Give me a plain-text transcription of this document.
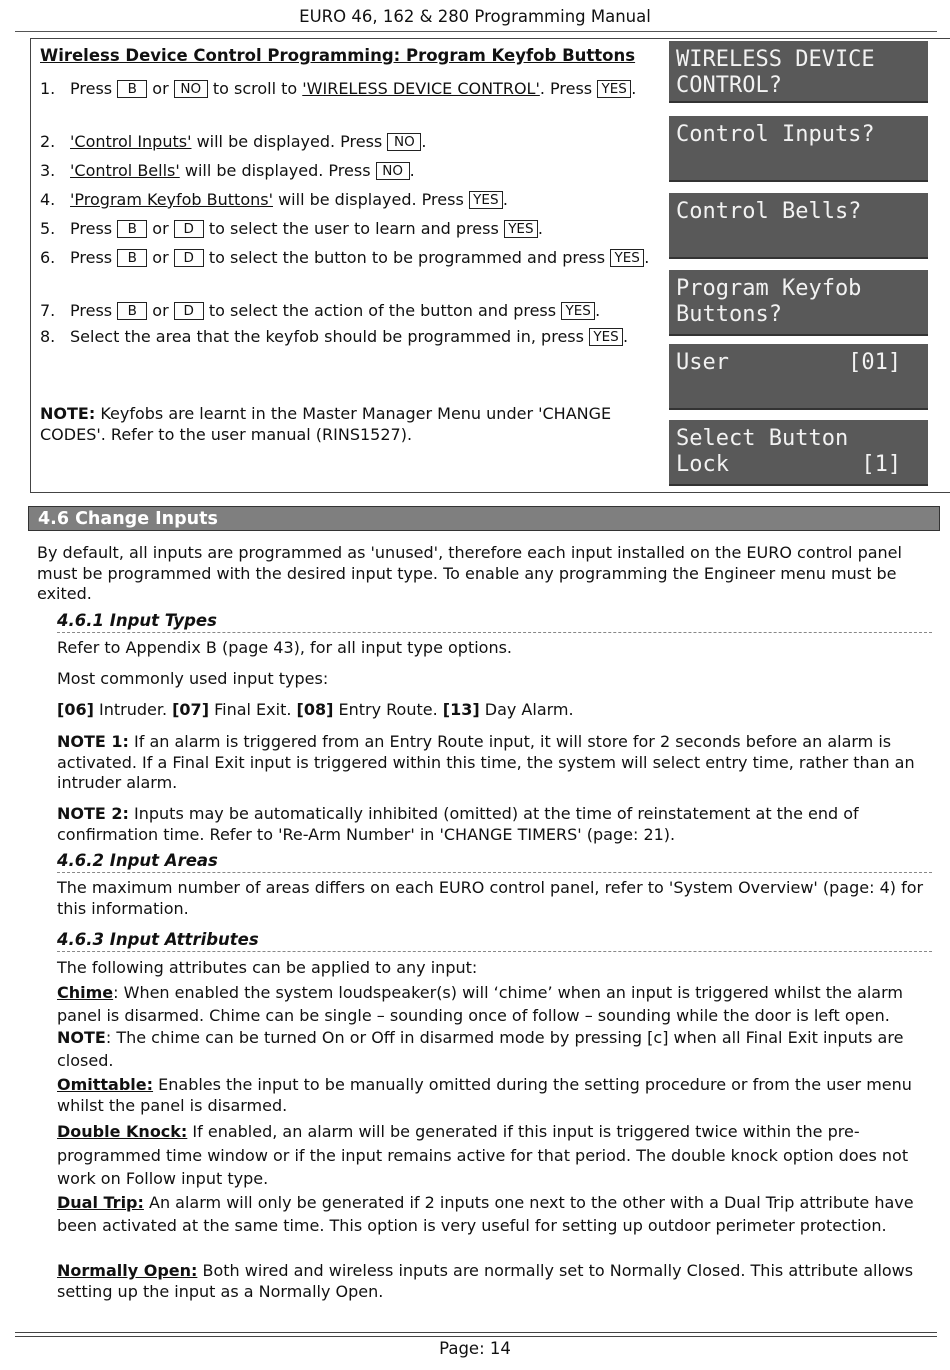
EURO 46, 162 & 280 Programming Manual
Wireless Device Control Programming: Program Keyfob Buttons
1. Press B or NO to scroll to 'WIRELESS DEVICE CONTROL'. Press YES .
2. 'Control Inputs' will be displayed. Press NO .
3. 'Control Bells' will be displayed. Press NO .
4. 'Program Keyfob Buttons' will be displayed. Press YES .
5. Press B or D to select the user to learn and press YES .
6. Press B or D to select the button to be programmed and press YES .
7. Press B or D to select the action of the button and press YES .
8. Select the area that the keyfob should be programmed in, press YES .
NOTE: Keyfobs are learnt in the Master Manager Menu under 'CHANGE CODES'. Refer to the user manual (RINS1527).
WIRELESS DEVICE
CONTROL?
Control Inputs?
Control Bells?
Program Keyfob
Buttons?
User         [01]
Select Button
Lock          [1]
4.6 Change Inputs
By default, all inputs are programmed as 'unused', therefore each input installed on the EURO control panel must be programmed with the desired input type. To enable any programming the Engineer menu must be exited.
4.6.1 Input Types
Refer to Appendix B (page 43), for all input type options.
Most commonly used input types:
[06] Intruder. [07] Final Exit. [08] Entry Route. [13] Day Alarm.
NOTE 1: If an alarm is triggered from an Entry Route input, it will store for 2 seconds before an alarm is activated. If a Final Exit input is triggered within this time, the system will select entry time, rather than an intruder alarm.
NOTE 2: Inputs may be automatically inhibited (omitted) at the time of reinstatement at the end of confirmation time. Refer to 'Re-Arm Number' in 'CHANGE TIMERS' (page: 21).
4.6.2 Input Areas
The maximum number of areas differs on each EURO control panel, refer to 'System Overview' (page: 4) for this information.
4.6.3 Input Attributes
The following attributes can be applied to any input:
Chime: When enabled the system loudspeaker(s) will ‘chime’ when an input is triggered whilst the alarm panel is disarmed. Chime can be single – sounding once of follow – sounding while the door is left open. NOTE: The chime can be turned On or Off in disarmed mode by pressing [c] when all Final Exit inputs are closed.
Omittable: Enables the input to be manually omitted during the setting procedure or from the user menu whilst the panel is disarmed.
Double Knock: If enabled, an alarm will be generated if this input is triggered twice within the pre-programmed time window or if the input remains active for that period. The double knock option does not work on Follow input type.
Dual Trip: An alarm will only be generated if 2 inputs one next to the other with a Dual Trip attribute have been activated at the same time. This option is very useful for setting up outdoor perimeter protection.
Normally Open: Both wired and wireless inputs are normally set to Normally Closed. This attribute allows setting up the input as a Normally Open.
Page: 14
